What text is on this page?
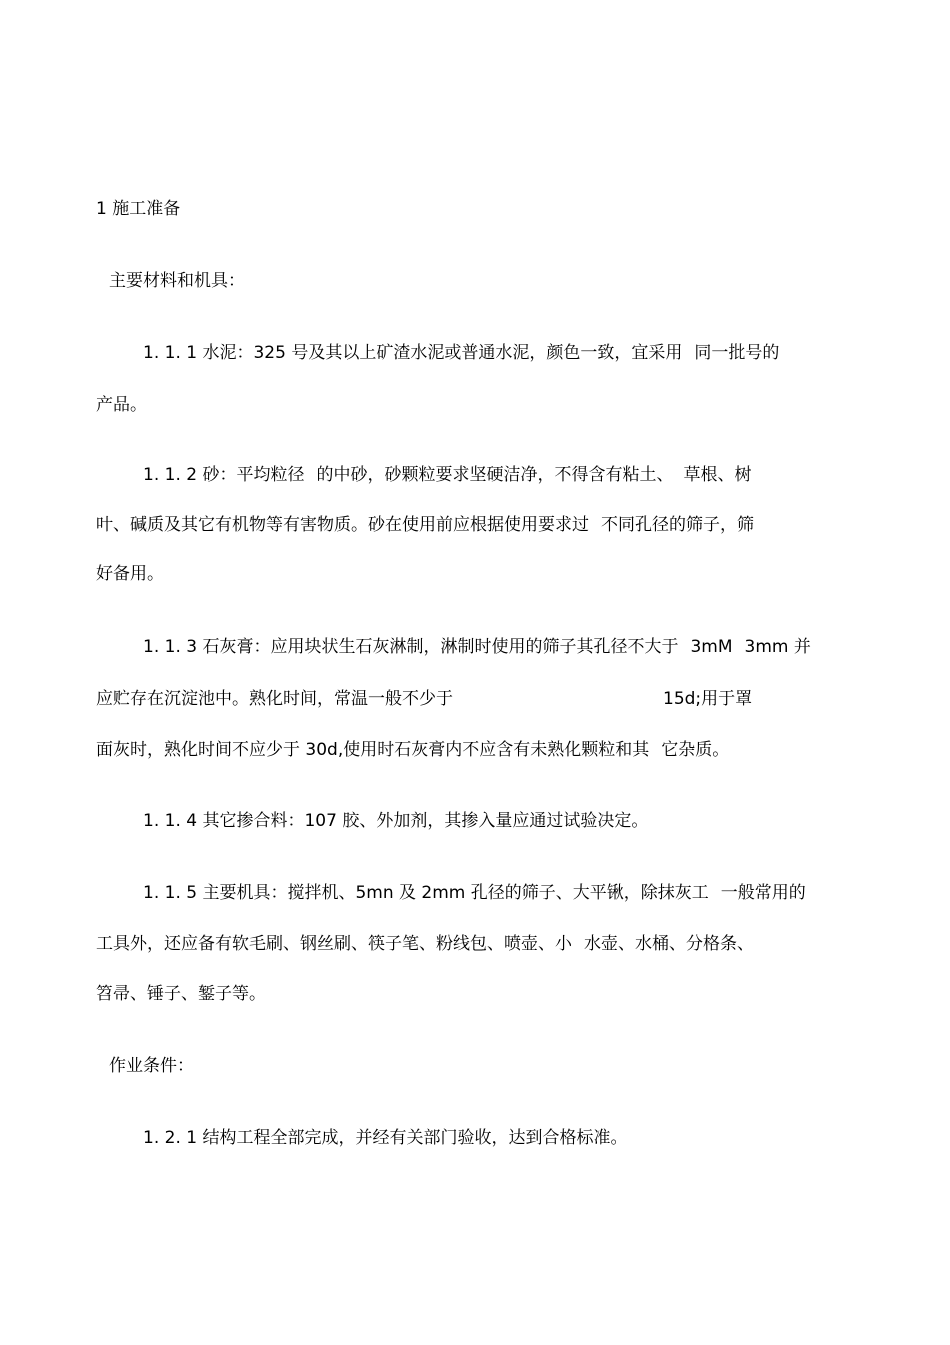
1 施工准备
主要材料和机具：
1. 1. 1 水泥：325 号及其以上矿渣水泥或普通水泥，颜色一致，宜采用 同一批号的
产品。
1. 1. 2 砂：平均粒径 的中砂，砂颗粒要求坚硬洁净，不得含有粘土、 草根、树
叶、碱质及其它有机物等有害物质。砂在使用前应根据使用要求过 不同孔径的筛子，筛
好备用。
1. 1. 3 石灰膏：应用块状生石灰淋制，淋制时使用的筛子其孔径不大于 3mM 3mm 并
应贮存在沉淀池中。熟化时间，常温一般不少于	15d;用于罩
面灰时，熟化时间不应少于 30d,使用时石灰膏内不应含有未熟化颗粒和其 它杂质。
1. 1. 4 其它掺合料：107 胶、外加剂，其掺入量应通过试验决定。
1. 1. 5 主要机具：搅拌机、5mn 及 2mm 孔径的筛子、大平锹，除抹灰工 一般常用的
工具外，还应备有软毛刷、钢丝刷、筷子笔、粉线包、喷壶、小 水壶、水桶、分格条、
笤帚、锤子、錾子等。
作业条件：
1. 2. 1 结构工程全部完成，并经有关部门验收，达到合格标准。
